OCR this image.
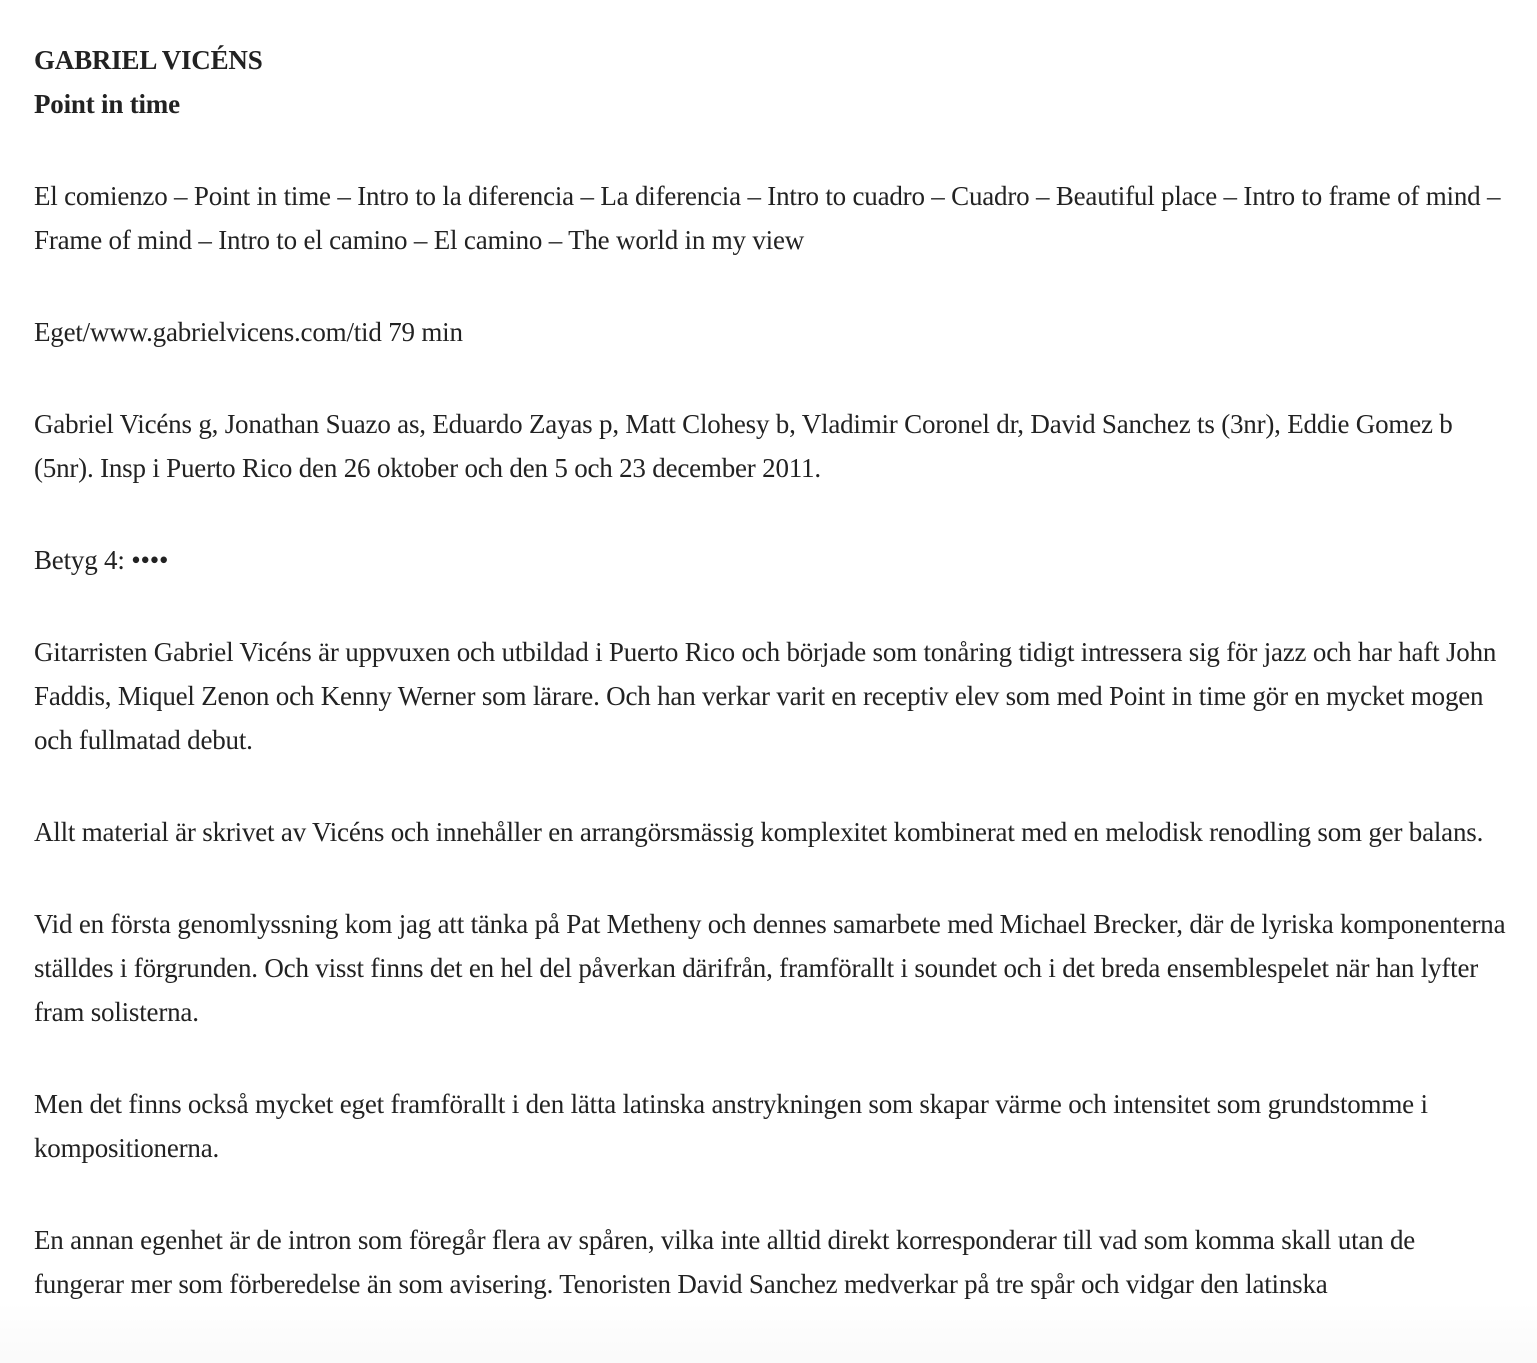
GABRIEL VICÉNS
Point in time

El comienzo – Point in time – Intro to la diferencia – La diferencia – Intro to cuadro – Cuadro – Beautiful place – Intro to frame of mind – Frame of mind – Intro to el camino – El camino – The world in my view

Eget/www.gabrielvicens.com/tid 79 min

Gabriel Vicéns g, Jonathan Suazo as, Eduardo Zayas p, Matt Clohesy b, Vladimir Coronel dr, David Sanchez ts (3nr), Eddie Gomez b (5nr). Insp i Puerto Rico den 26 oktober och den 5 och 23 december 2011.

Betyg 4: ••••

Gitarristen Gabriel Vicéns är uppvuxen och utbildad i Puerto Rico och började som tonåring tidigt intressera sig för jazz och har haft John Faddis, Miquel Zenon och Kenny Werner som lärare. Och han verkar varit en receptiv elev som med Point in time gör en mycket mogen och fullmatad debut.

Allt material är skrivet av Vicéns och innehåller en arrangörsmässig komplexitet kombinerat med en melodisk renodling som ger balans.

Vid en första genomlyssning kom jag att tänka på Pat Metheny och dennes samarbete med Michael Brecker, där de lyriska komponenterna ställdes i förgrunden. Och visst finns det en hel del påverkan därifrån, framförallt i soundet och i det breda ensemblespelet när han lyfter fram solisterna.

Men det finns också mycket eget framförallt i den lätta latinska anstrykningen som skapar värme och intensitet som grundstomme i kompositionerna.

En annan egenhet är de intron som föregår flera av spåren, vilka inte alltid direkt korresponderar till vad som komma skall utan de fungerar mer som förberedelse än som avisering. Tenoristen David Sanchez medverkar på tre spår och vidgar den latinska
